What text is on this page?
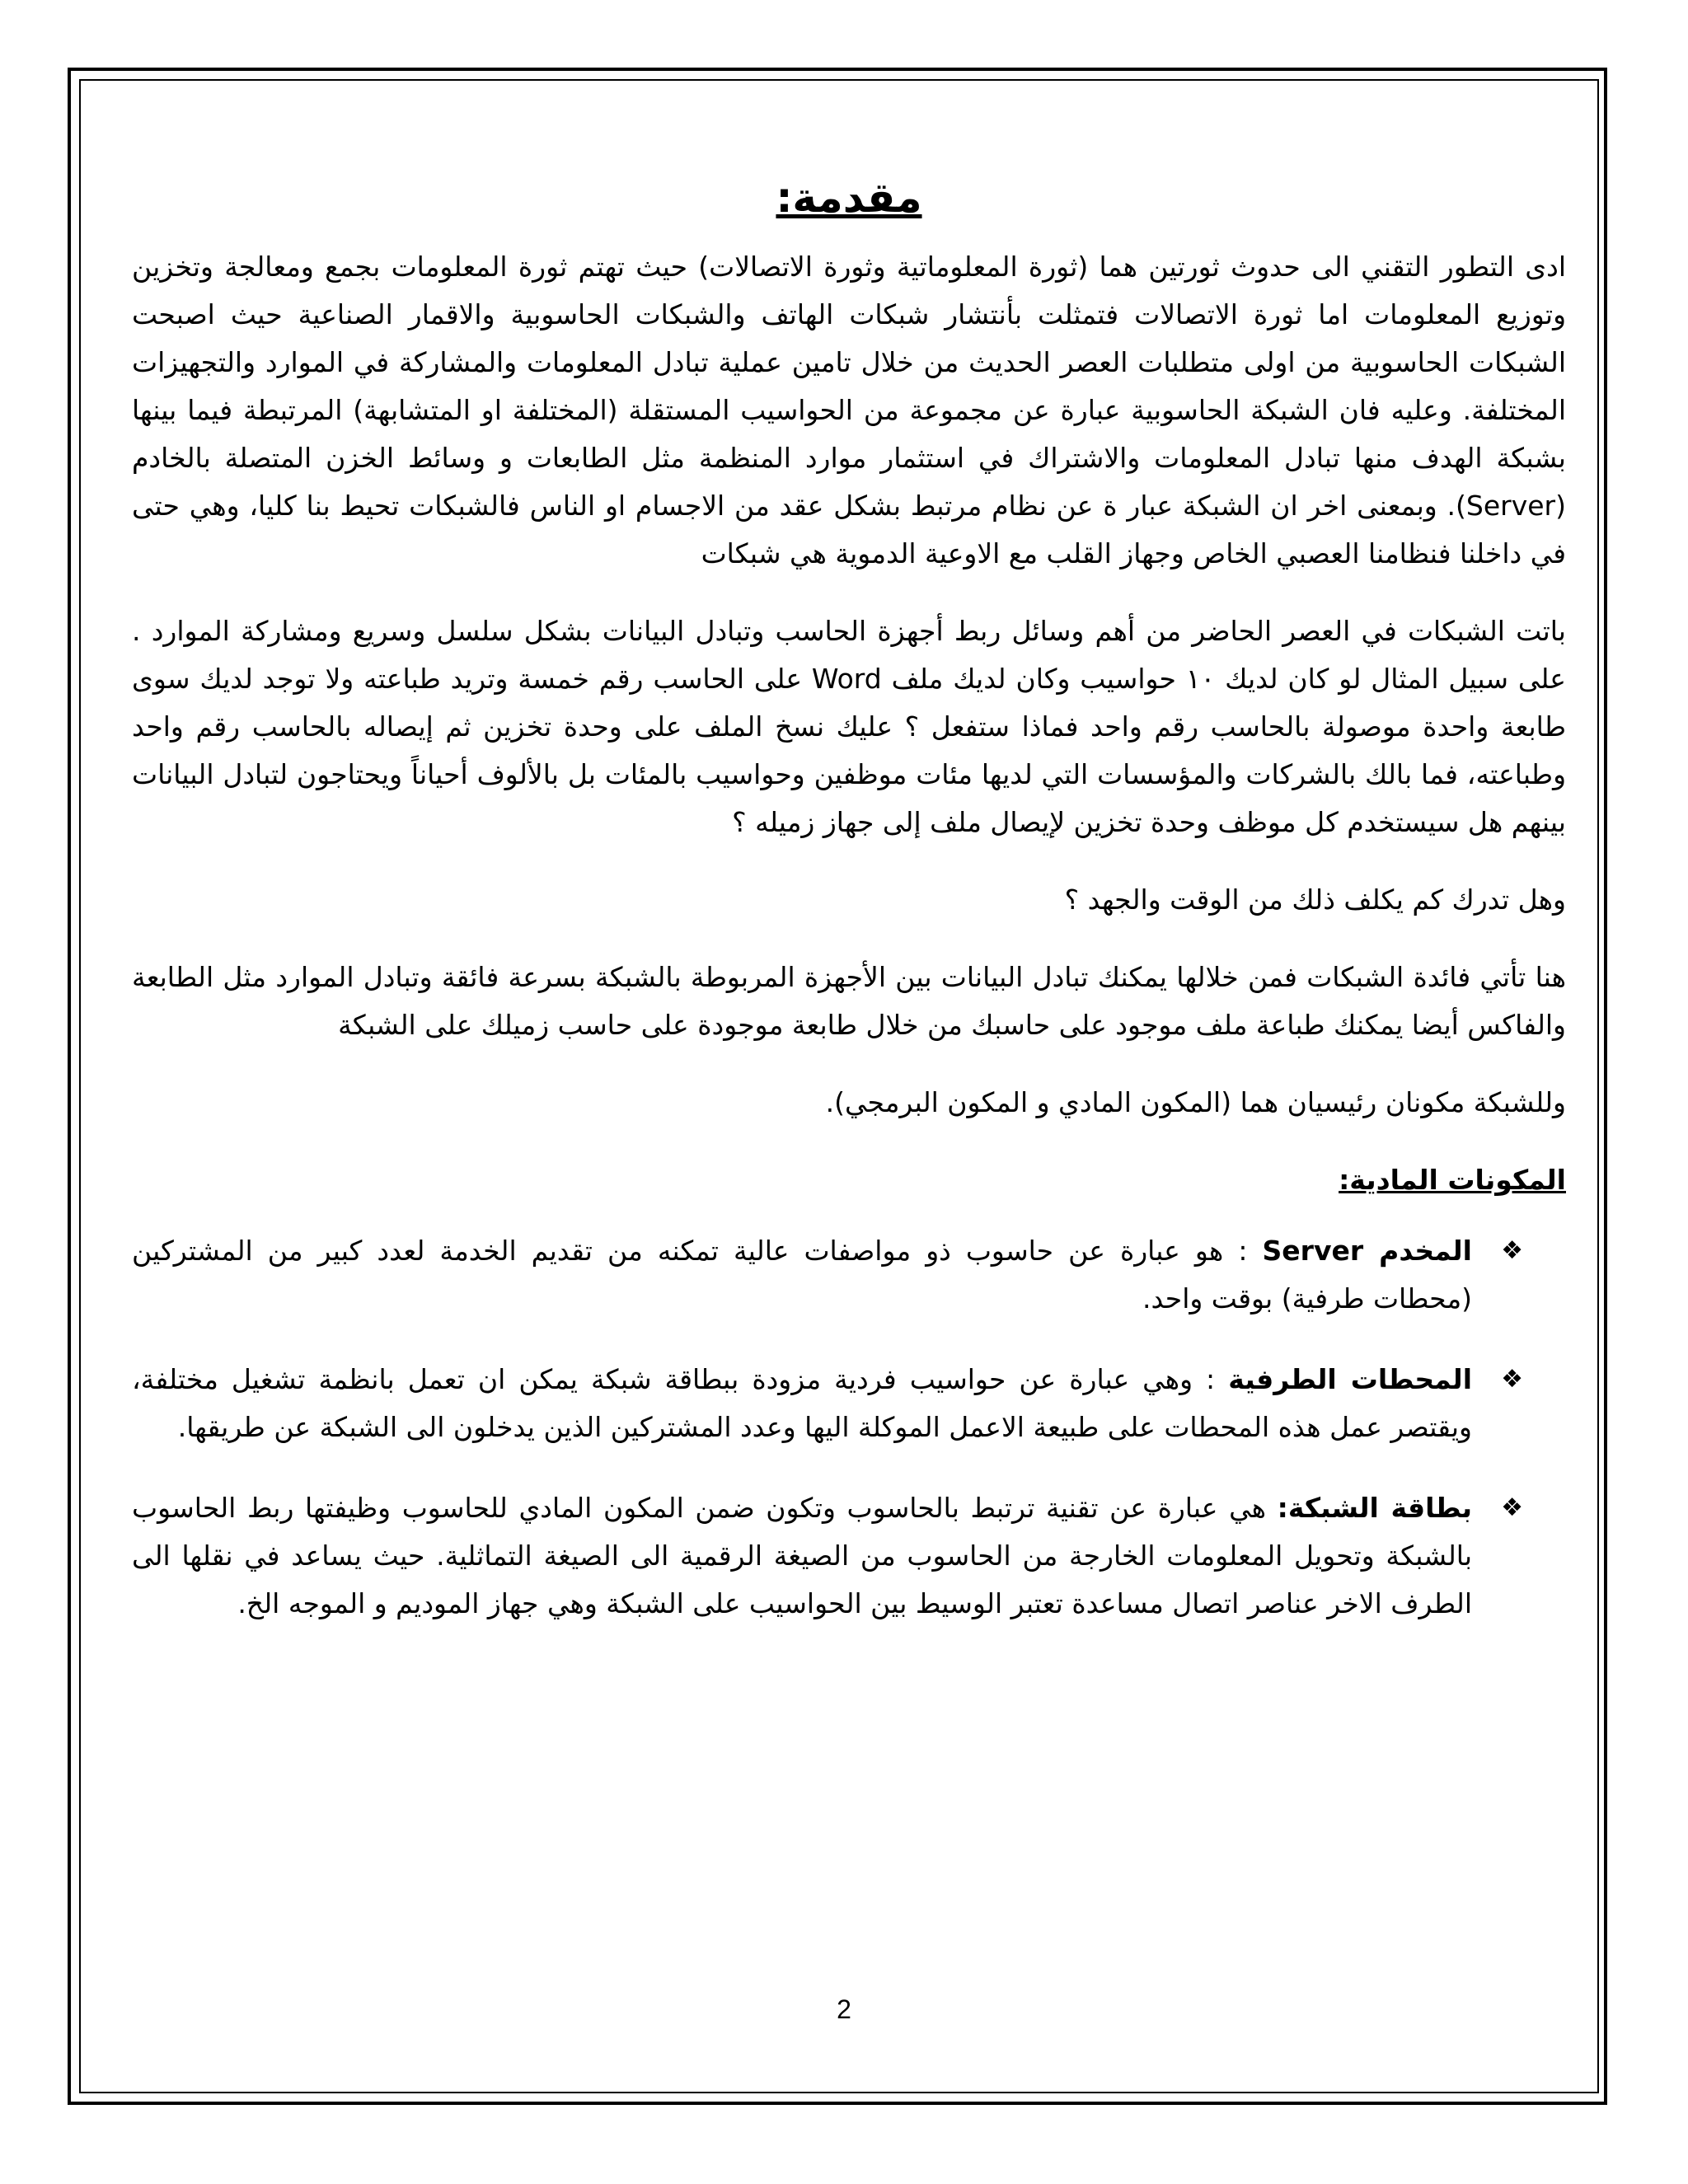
مقدمة:

ادى التطور التقني الى حدوث ثورتين هما (ثورة المعلوماتية وثورة الاتصالات) حيث تهتم ثورة المعلومات بجمع ومعالجة وتخزين وتوزيع المعلومات اما ثورة الاتصالات فتمثلت بأنتشار شبكات الهاتف والشبكات الحاسوبية والاقمار الصناعية حيث اصبحت الشبكات الحاسوبية من اولى متطلبات العصر الحديث من خلال تامين عملية تبادل المعلومات والمشاركة في الموارد والتجهيزات المختلفة. وعليه فان الشبكة الحاسوبية عبارة عن مجموعة من الحواسيب المستقلة (المختلفة او المتشابهة) المرتبطة فيما بينها بشبكة الهدف منها تبادل المعلومات والاشتراك في استثمار موارد المنظمة مثل الطابعات و وسائط الخزن المتصلة بالخادم (Server). وبمعنى اخر ان الشبكة عبار ة عن نظام مرتبط بشكل عقد من الاجسام او الناس فالشبكات تحيط بنا كليا، وهي حتى في داخلنا فنظامنا العصبي الخاص وجهاز القلب مع الاوعية الدموية هي شبكات

باتت الشبكات في العصر الحاضر من أهم وسائل ربط أجهزة الحاسب وتبادل البيانات بشكل سلسل وسريع ومشاركة الموارد . على سبيل المثال لو كان لديك ١٠ حواسيب وكان لديك ملف Word على الحاسب رقم خمسة وتريد طباعته ولا توجد لديك سوى طابعة واحدة موصولة بالحاسب رقم واحد فماذا ستفعل ؟ عليك نسخ الملف على وحدة تخزين ثم إيصاله بالحاسب رقم واحد وطباعته، فما بالك بالشركات والمؤسسات التي لديها مئات موظفين وحواسيب بالمئات بل بالألوف أحياناً ويحتاجون لتبادل البيانات بينهم هل سيستخدم كل موظف وحدة تخزين لإيصال ملف إلى جهاز زميله ؟

وهل تدرك كم يكلف ذلك من الوقت والجهد ؟

هنا تأتي فائدة الشبكات فمن خلالها يمكنك تبادل البيانات بين الأجهزة المربوطة بالشبكة بسرعة فائقة وتبادل الموارد مثل الطابعة والفاكس أيضا يمكنك طباعة ملف موجود على حاسبك من خلال طابعة موجودة على حاسب زميلك على الشبكة

وللشبكة مكونان رئيسيان هما (المكون المادي و المكون البرمجي).

المكونات المادية:
❖
المخدم Server : هو عبارة عن حاسوب ذو مواصفات عالية تمكنه من تقديم الخدمة لعدد كبير من المشتركين (محطات طرفية) بوقت واحد.
❖
المحطات الطرفية : وهي عبارة عن حواسيب فردية مزودة ببطاقة شبكة يمكن ان تعمل بانظمة تشغيل مختلفة، ويقتصر عمل هذه المحطات على طبيعة الاعمل الموكلة اليها وعدد المشتركين الذين يدخلون الى الشبكة عن طريقها.
❖
بطاقة الشبكة: هي عبارة عن تقنية ترتبط بالحاسوب وتكون ضمن المكون المادي للحاسوب وظيفتها ربط الحاسوب بالشبكة وتحويل المعلومات الخارجة من الحاسوب من الصيغة الرقمية الى الصيغة التماثلية. حيث يساعد في نقلها الى الطرف الاخر عناصر اتصال مساعدة تعتبر الوسيط بين الحواسيب على الشبكة وهي جهاز الموديم و الموجه الخ.
2
